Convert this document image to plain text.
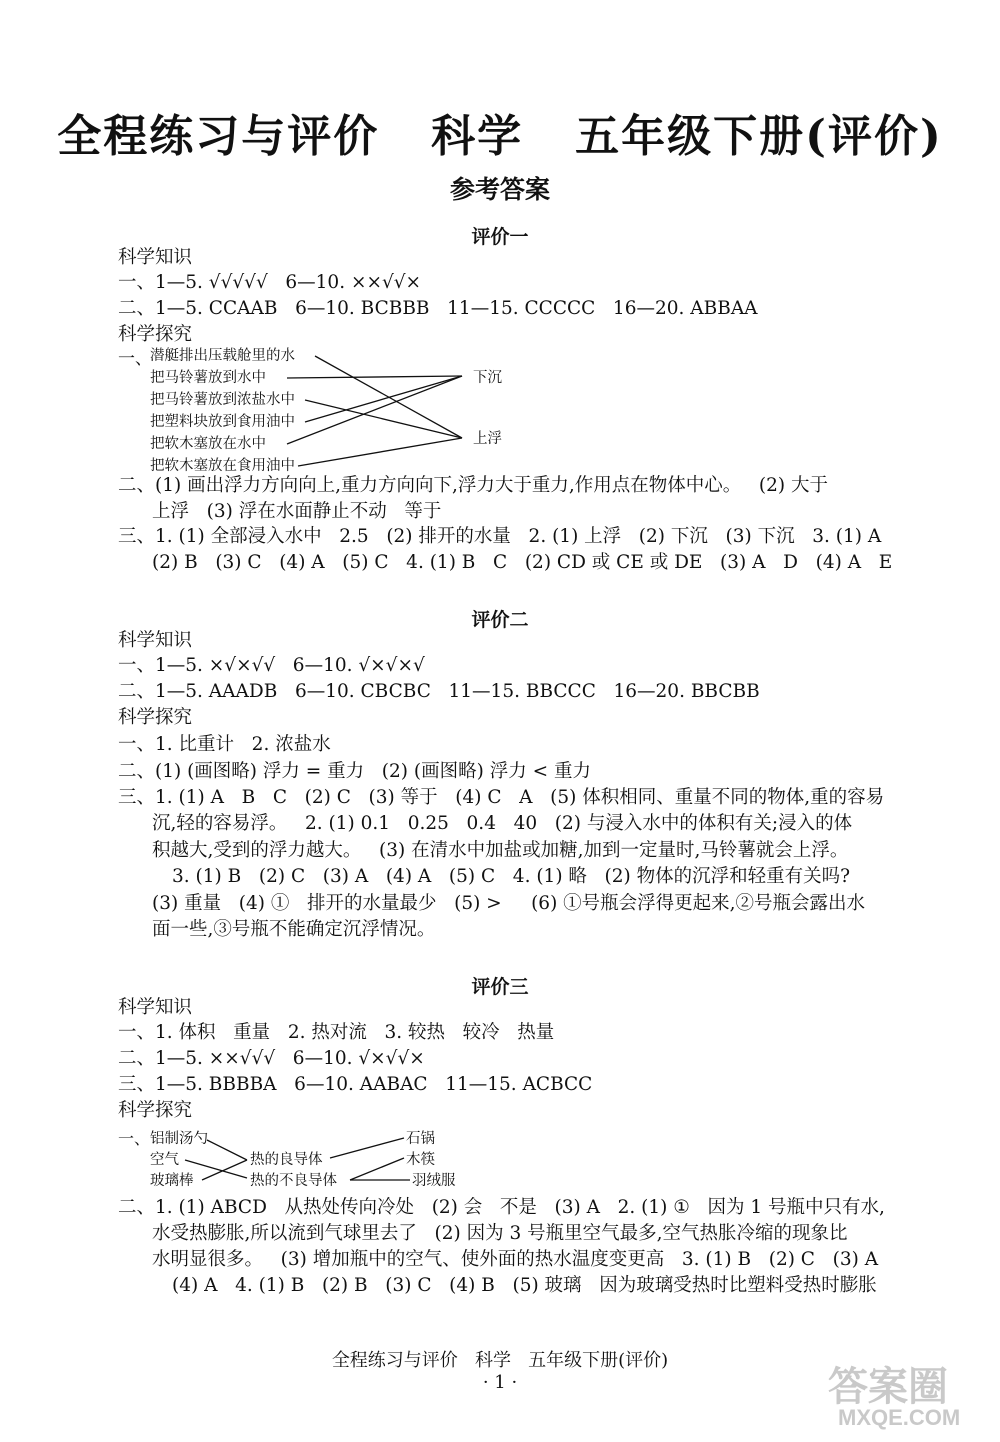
全程练习与评价   科学   五年级下册(评价)
参考答案
评价一
科学知识
一、1—5. √√√√√   6—10. ××√√×
二、1—5. CCAAB   6—10. BCBBB   11—15. CCCCC   16—20. ABBAA
科学探究
一、
潜艇排出压载舱里的水
把马铃薯放到水中
把马铃薯放到浓盐水中
把塑料块放到食用油中
把软木塞放在水中
把软木塞放在食用油中
下沉
上浮
二、(1) 画出浮力方向向上,重力方向向下,浮力大于重力,作用点在物体中心。   (2) 大于
上浮   (3) 浮在水面静止不动   等于
三、1. (1) 全部浸入水中   2.5   (2) 排开的水量   2. (1) 上浮   (2) 下沉   (3) 下沉   3. (1) A
(2) B   (3) C   (4) A   (5) C   4. (1) B   C   (2) CD 或 CE 或 DE   (3) A   D   (4) A   E
评价二
科学知识
一、1—5. ×√×√√   6—10. √×√×√
二、1—5. AAADB   6—10. CBCBC   11—15. BBCCC   16—20. BBCBB
科学探究
一、1. 比重计   2. 浓盐水
二、(1) (画图略) 浮力 = 重力   (2) (画图略) 浮力 < 重力
三、1. (1) A   B   C   (2) C   (3) 等于   (4) C   A   (5) 体积相同、重量不同的物体,重的容易
沉,轻的容易浮。   2. (1) 0.1   0.25   0.4   40   (2) 与浸入水中的体积有关;浸入的体
积越大,受到的浮力越大。   (3) 在清水中加盐或加糖,加到一定量时,马铃薯就会上浮。
3. (1) B   (2) C   (3) A   (4) A   (5) C   4. (1) 略   (2) 物体的沉浮和轻重有关吗?
(3) 重量   (4) ①   排开的水量最少   (5) >     (6) ①号瓶会浮得更起来,②号瓶会露出水
面一些,③号瓶不能确定沉浮情况。
评价三
科学知识
一、1. 体积   重量   2. 热对流   3. 较热   较冷   热量
二、1—5. ××√√√   6—10. √×√√×
三、1—5. BBBBA   6—10. AABAC   11—15. ACBCC
科学探究
一、 铝制汤勺
空气
玻璃棒
热的良导体
热的不良导体
石锅
木筷
羽绒服
二、1. (1) ABCD   从热处传向冷处   (2) 会   不是   (3) A   2. (1) ①   因为 1 号瓶中只有水,
水受热膨胀,所以流到气球里去了   (2) 因为 3 号瓶里空气最多,空气热胀冷缩的现象比
水明显很多。   (3) 增加瓶中的空气、使外面的热水温度变更高   3. (1) B   (2) C   (3) A
(4) A   4. (1) B   (2) B   (3) C   (4) B   (5) 玻璃   因为玻璃受热时比塑料受热时膨胀
全程练习与评价   科学   五年级下册(评价)
· 1 ·	答案圈
MXQE.COM
